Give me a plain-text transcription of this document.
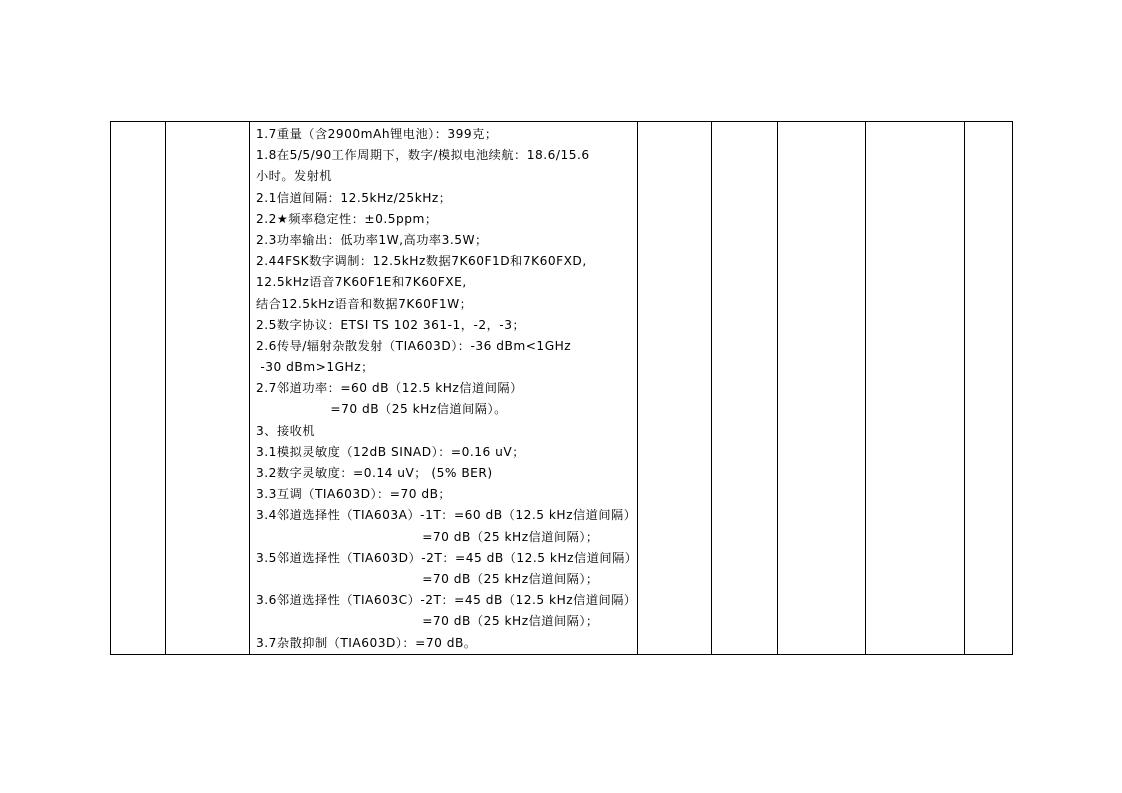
1.7重量（含2900mAh锂电池）：399克；
1.8在5/5/90工作周期下，数字/模拟电池续航：18.6/15.6
小时。发射机
2.1信道间隔：12.5kHz/25kHz；
2.2★频率稳定性：±0.5ppm；
2.3功率输出：低功率1W,高功率3.5W；
2.44FSK数字调制：12.5kHz数据7K60F1D和7K60FXD,
12.5kHz语音7K60F1E和7K60FXE,
结合12.5kHz语音和数据7K60F1W；
2.5数字协议：ETSI TS 102 361-1，-2，-3；
2.6传导/辐射杂散发射（TIA603D）：-36 dBm<1GHz
-30 dBm>1GHz；
2.7邻道功率：=60 dB（12.5 kHz信道间隔）
=70 dB（25 kHz信道间隔）。
3、接收机
3.1模拟灵敏度（12dB SINAD）：=0.16 uV；
3.2数字灵敏度：=0.14 uV； (5% BER)
3.3互调（TIA603D）：=70 dB；
3.4邻道选择性（TIA603A）-1T：=60 dB（12.5 kHz信道间隔）
=70 dB（25 kHz信道间隔）；
3.5邻道选择性（TIA603D）-2T：=45 dB（12.5 kHz信道间隔）
=70 dB（25 kHz信道间隔）；
3.6邻道选择性（TIA603C）-2T：=45 dB（12.5 kHz信道间隔）
=70 dB（25 kHz信道间隔）；
3.7杂散抑制（TIA603D）：=70 dB。
